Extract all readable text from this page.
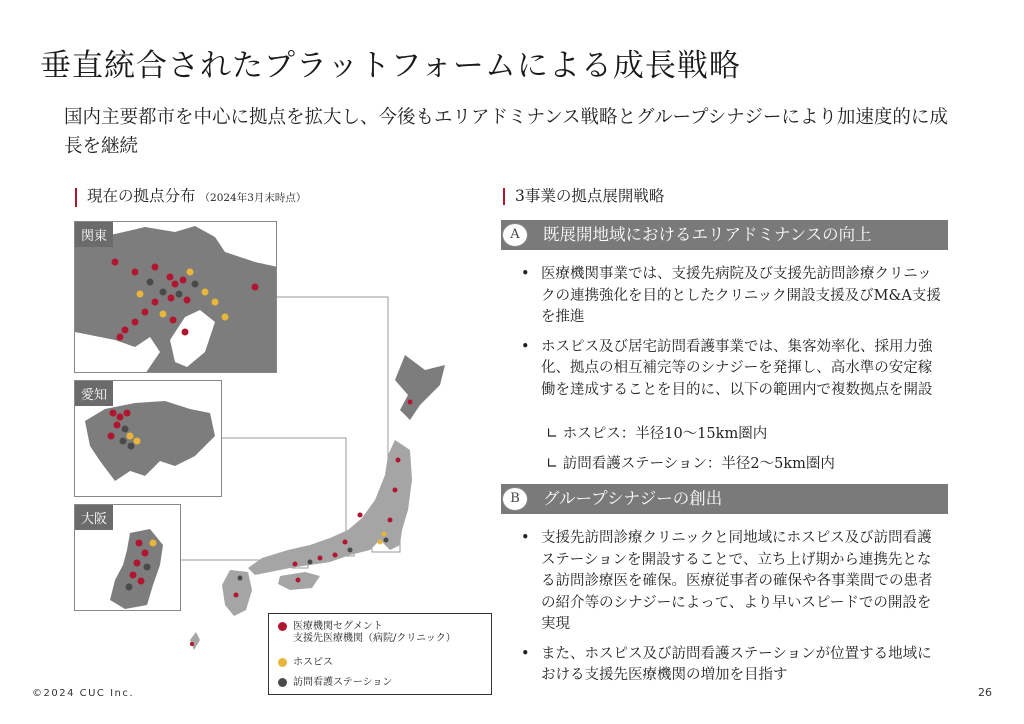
垂直統合されたプラットフォームによる成長戦略
国内主要都市を中心に拠点を拡大し、今後もエリアドミナンス戦略とグループシナジーにより加速度的に成長を継続
現在の拠点分布 （2024年3月末時点）
関東
愛知
大阪
医療機関セグメント
支援先医療機関（病院/クリニック）
ホスピス
訪問看護ステーション
3事業の拠点展開戦略
A	既展開地域におけるエリアドミナンスの向上
• 医療機関事業では、支援先病院及び支援先訪問診療クリニックの連携強化を目的としたクリニック開設支援及びM&A支援を推進
• ホスピス及び居宅訪問看護事業では、集客効率化、採用力強化、拠点の相互補完等のシナジーを発揮し、高水準の安定稼働を達成することを目的に、以下の範囲内で複数拠点を開設
∟ ホスピス：半径10〜15km圏内
∟ 訪問看護ステーション：半径2〜5km圏内
B	グループシナジーの創出
• 支援先訪問診療クリニックと同地域にホスピス及び訪問看護ステーションを開設することで、立ち上げ期から連携先となる訪問診療医を確保。医療従事者の確保や各事業間での患者の紹介等のシナジーによって、より早いスピードでの開設を実現
• また、ホスピス及び訪問看護ステーションが位置する地域における支援先医療機関の増加を目指す
©2024 CUC Inc.	26
